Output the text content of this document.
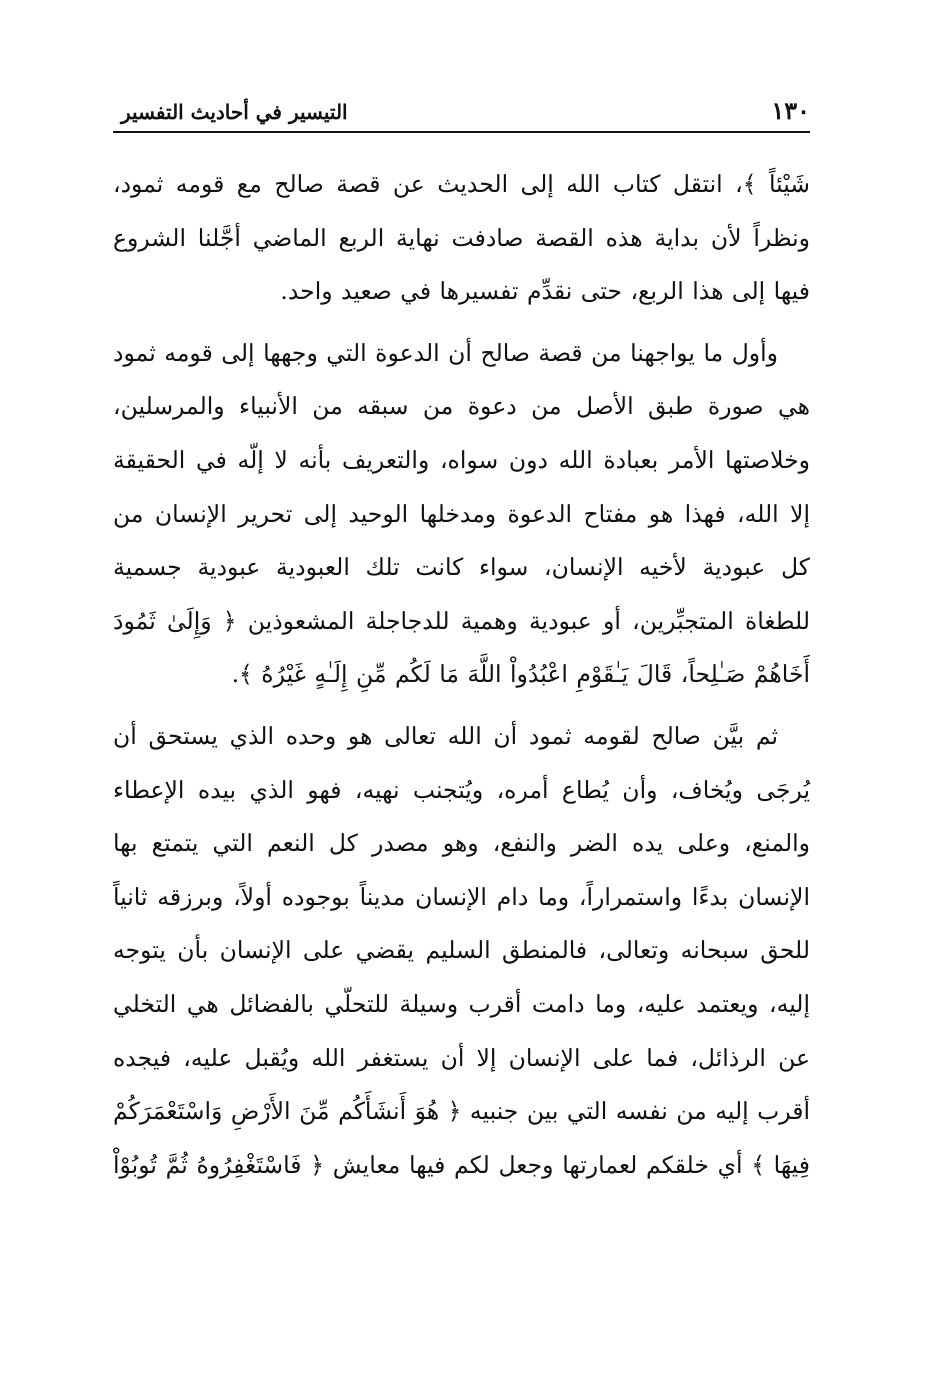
١٣٠
التيسير في أحاديث التفسير

شَيْئاً ﴾، انتقل كتاب الله إلى الحديث عن قصة صالح مع قومه ثمود، ونظراً لأن بداية هذه القصة صادفت نهاية الربع الماضي أجَّلنا الشروع فيها إلى هذا الربع، حتى نقدِّم تفسيرها في صعيد واحد.

وأول ما يواجهنا من قصة صالح أن الدعوة التي وجهها إلى قومه ثمود هي صورة طبق الأصل من دعوة من سبقه من الأنبياء والمرسلين، وخلاصتها الأمر بعبادة الله دون سواه، والتعريف بأنه لا إلّه في الحقيقة إلا الله، فهذا هو مفتاح الدعوة ومدخلها الوحيد إلى تحرير الإنسان من كل عبودية لأخيه الإنسان، سواء كانت تلك العبودية عبودية جسمية للطغاة المتجبِّرين، أو عبودية وهمية للدجاجلة المشعوذين ﴿ وَإِلَىٰ ثَمُودَ أَخَاهُمْ صَـٰلِحاً، قَالَ يَـٰقَوْمِ اعْبُدُواْ اللَّهَ مَا لَكُم مِّنِ إِلَـٰهٍ غَيْرُهُ ﴾.

ثم بيَّن صالح لقومه ثمود أن الله تعالى هو وحده الذي يستحق أن يُرجَى ويُخاف، وأن يُطاع أمره، ويُتجنب نهيه، فهو الذي بيده الإعطاء والمنع، وعلى يده الضر والنفع، وهو مصدر كل النعم التي يتمتع بها الإنسان بدءًا واستمراراً، وما دام الإنسان مديناً بوجوده أولاً، وبرزقه ثانياً للحق سبحانه وتعالى، فالمنطق السليم يقضي على الإنسان بأن يتوجه إليه، ويعتمد عليه، وما دامت أقرب وسيلة للتحلّي بالفضائل هي التخلي عن الرذائل، فما على الإنسان إلا أن يستغفر الله ويُقبل عليه، فيجده أقرب إليه من نفسه التي بين جنبيه ﴿ هُوَ أَنشَأَكُم مِّنَ الأَرْضِ وَاسْتَعْمَرَكُمْ فِيهَا ﴾ أي خلقكم لعمارتها وجعل لكم فيها معايش ﴿ فَاسْتَغْفِرُوهُ ثُمَّ تُوبُوْاْ
